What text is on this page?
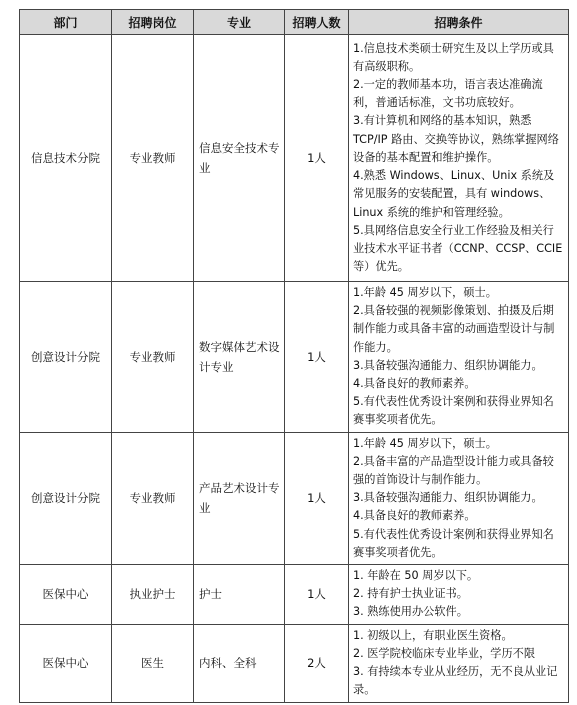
部门	招聘岗位	专业	招聘人数	招聘条件
信息技术分院	专业教师	信息安全技术专业	1人	1.信息技术类硕士研究生及以上学历或具有高级职称。
2.一定的教师基本功，语言表达准确流利，普通话标准，文书功底较好。
3.有计算机和网络的基本知识，熟悉TCP/IP 路由、交换等协议，熟练掌握网络设备的基本配置和维护操作。
4.熟悉 Windows、Linux、Unix 系统及常见服务的安装配置，具有 windows、Linux 系统的维护和管理经验。
5.具网络信息安全行业工作经验及相关行业技术水平证书者（CCNP、CCSP、CCIE等）优先。

创意设计分院	专业教师	数字媒体艺术设计专业	1人	1.年龄 45 周岁以下，硕士。
2.具备较强的视频影像策划、拍摄及后期制作能力或具备丰富的动画造型设计与制作能力。
3.具备较强沟通能力、组织协调能力。
4.具备良好的教师素养。
5.有代表性优秀设计案例和获得业界知名赛事奖项者优先。

创意设计分院	专业教师	产品艺术设计专业	1人	1.年龄 45 周岁以下，硕士。
2.具备丰富的产品造型设计能力或具备较强的首饰设计与制作能力。
3.具备较强沟通能力、组织协调能力。
4.具备良好的教师素养。
5.有代表性优秀设计案例和获得业界知名赛事奖项者优先。

医保中心	执业护士	护士	1人	1. 年龄在 50 周岁以下。
2. 持有护士执业证书。
3. 熟练使用办公软件。

医保中心	医生	内科、全科	2人	1. 初级以上，有职业医生资格。
2. 医学院校临床专业毕业，学历不限
3. 有持续本专业从业经历，无不良从业记录。
